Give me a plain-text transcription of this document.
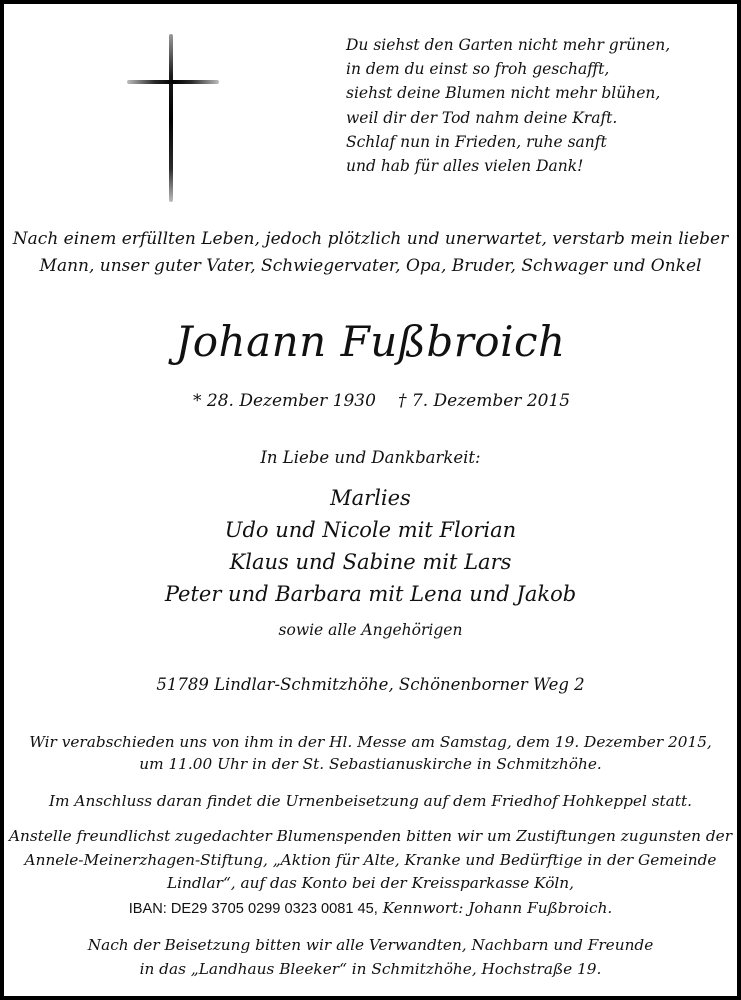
Du siehst den Garten nicht mehr grünen,
in dem du einst so froh geschafft,
siehst deine Blumen nicht mehr blühen,
weil dir der Tod nahm deine Kraft.
Schlaf nun in Frieden, ruhe sanft
und hab für alles vielen Dank!
Nach einem erfüllten Leben, jedoch plötzlich und unerwartet, verstarb mein lieber
Mann, unser guter Vater, Schwiegervater, Opa, Bruder, Schwager und Onkel
Johann Fußbroich
* 28. Dezember 1930 † 7. Dezember 2015
In Liebe und Dankbarkeit:
Marlies
Udo und Nicole mit Florian
Klaus und Sabine mit Lars
Peter und Barbara mit Lena und Jakob
sowie alle Angehörigen
51789 Lindlar-Schmitzhöhe, Schönenborner Weg 2
Wir verabschieden uns von ihm in der Hl. Messe am Samstag, dem 19. Dezember 2015,
um 11.00 Uhr in der St. Sebastianuskirche in Schmitzhöhe.
Im Anschluss daran findet die Urnenbeisetzung auf dem Friedhof Hohkeppel statt.
Anstelle freundlichst zugedachter Blumenspenden bitten wir um Zustiftungen zugunsten der
Annele-Meinerzhagen-Stiftung, „Aktion für Alte, Kranke und Bedürftige in der Gemeinde
Lindlar“, auf das Konto bei der Kreissparkasse Köln,
IBAN: DE29 3705 0299 0323 0081 45, Kennwort: Johann Fußbroich.
Nach der Beisetzung bitten wir alle Verwandten, Nachbarn und Freunde
in das „Landhaus Bleeker“ in Schmitzhöhe, Hochstraße 19.
